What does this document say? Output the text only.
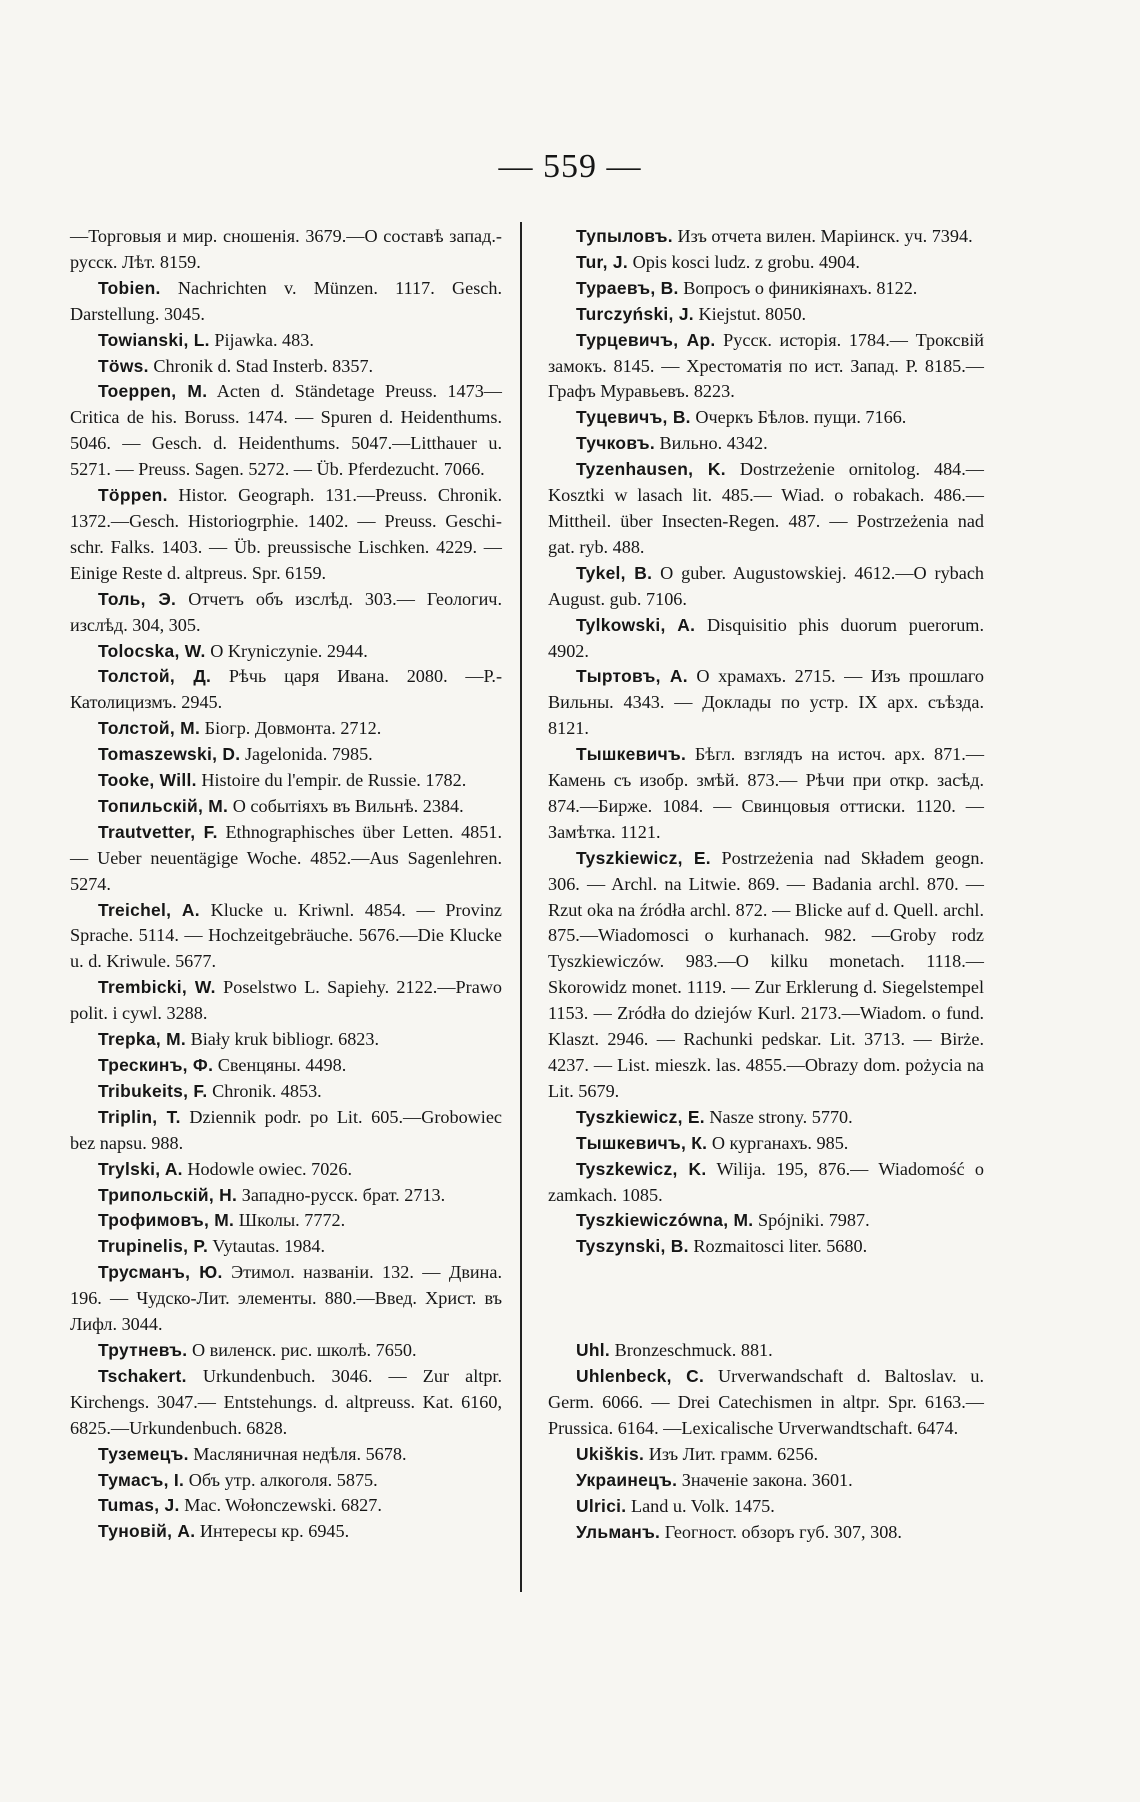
— 559 —

—Торговыя и мир. сношенія. 3679.—О составѣ запад.-русск. Лѣт. 8159.

Tobien. Nachrichten v. Münzen. 1117. Gesch. Darstellung. 3045.

Towianski, L. Pijawka. 483.

Töws. Chronik d. Stad Insterb. 8357.

Toeppen, M. Acten d. Ständetage Preuss. 1473—Critica de his. Boruss. 1474. — Spuren d. Heidenthums. 5046. — Gesch. d. Heidenthums. 5047.—Litthauer u. 5271. — Preuss. Sagen. 5272. — Üb. Pferdezucht. 7066.

Töppen. Histor. Geograph. 131.—Preuss. Chronik. 1372.—Gesch. Historiogrphie. 1402. — Preuss. Geschi-schr. Falks. 1403. — Üb. preussische Lischken. 4229. — Einige Reste d. altpreus. Spr. 6159.

Толь, Э. Отчетъ объ изслѣд. 303.— Геологич. изслѣд. 304, 305.

Tolocska, W. O Kryniczynie. 2944.

Толстой, Д. Рѣчь царя Ивана. 2080. —Р.-Католицизмъ. 2945.

Толстой, М. Біогр. Довмонта. 2712.

Tomaszewski, D. Jagelonida. 7985.

Tooke, Will. Histoire du l'empir. de Russie. 1782.

Топильскій, М. О событіяхъ въ Вильнѣ. 2384.

Trautvetter, F. Ethnographisches über Letten. 4851. — Ueber neuentägige Woche. 4852.—Aus Sagenlehren. 5274.

Treichel, A. Klucke u. Kriwnl. 4854. — Provinz Sprache. 5114. — Hochzeitgebräuche. 5676.—Die Klucke u. d. Kriwule. 5677.

Trembicki, W. Poselstwo L. Sapiehy. 2122.—Prawo polit. i cywl. 3288.

Trepka, M. Biały kruk bibliogr. 6823.

Трескинъ, Ф. Свенцяны. 4498.

Tribukeits, F. Chronik. 4853.

Triplin, T. Dziennik podr. po Lit. 605.—Grobowiec bez napsu. 988.

Trylski, A. Hodowle owiec. 7026.

Трипольскій, Н. Западно-русск. брат. 2713.

Трофимовъ, М. Школы. 7772.

Trupinelis, P. Vytautas. 1984.

Трусманъ, Ю. Этимол. названіи. 132. — Двина. 196. — Чудско-Лит. элементы. 880.—Введ. Христ. въ Лифл. 3044.

Трутневъ. О виленск. рис. школѣ. 7650.

Tschakert. Urkundenbuch. 3046. — Zur altpr. Kirchengs. 3047.— Entstehungs. d. altpreuss. Kat. 6160, 6825.—Urkundenbuch. 6828.

Туземецъ. Масляничная недѣля. 5678.

Тумасъ, І. Объ утр. алкоголя. 5875.

Tumas, J. Mac. Wołonczewski. 6827.

Туновій, А. Интересы кр. 6945.

Тупыловъ. Изъ отчета вилен. Маріинск. уч. 7394.

Tur, J. Opis kosci ludz. z grobu. 4904.

Тураевъ, В. Вопросъ о финикіянахъ. 8122.

Turczyński, J. Kiejstut. 8050.

Турцевичъ, Ар. Русск. исторія. 1784.— Троксвій замокъ. 8145. — Хрестоматія по ист. Запад. Р. 8185.—Графъ Муравьевъ. 8223.

Туцевичъ, В. Очеркъ Бѣлов. пущи. 7166.

Тучковъ. Вильно. 4342.

Tyzenhausen, K. Dostrzeżenie ornitolog. 484.—Kosztki w lasach lit. 485.— Wiad. o robakach. 486.—Mittheil. über Insecten-Regen. 487. — Postrzeżenia nad gat. ryb. 488.

Tykel, B. O guber. Augustowskiej. 4612.—O rybach August. gub. 7106.

Tylkowski, A. Disquisitio phis duorum puerorum. 4902.

Тыртовъ, А. О храмахъ. 2715. — Изъ прошлаго Вильны. 4343. — Доклады по устр. IX арх. съѣзда. 8121.

Тышкевичъ. Бѣгл. взглядъ на источ. арх. 871.—Камень съ изобр. змѣй. 873.— Рѣчи при откр. засѣд. 874.—Бирже. 1084. — Свинцовыя оттиски. 1120. — Замѣтка. 1121.

Tyszkiewicz, E. Postrzeżenia nad Składem geogn. 306. — Archl. na Litwie. 869. — Badania archl. 870. — Rzut oka na źródła archl. 872. — Blicke auf d. Quell. archl. 875.—Wiadomosci o kurhanach. 982. —Groby rodz Tyszkiewiczów. 983.—O kilku monetach. 1118.—Skorowidz monet. 1119. — Zur Erklerung d. Siegelstempel 1153. — Zródła do dziejów Kurl. 2173.—Wiadom. o fund. Klaszt. 2946. — Rachunki pedskar. Lit. 3713. — Birże. 4237. — List. mieszk. las. 4855.—Obrazy dom. pożycia na Lit. 5679.

Tyszkiewicz, E. Nasze strony. 5770.

Тышкевичъ, К. О курганахъ. 985.

Tyszkewicz, K. Wilija. 195, 876.— Wiadomość o zamkach. 1085.

Tyszkiewiczówna, M. Spójniki. 7987.

Tyszynski, B. Rozmaitosci liter. 5680.

Uhl. Bronzeschmuck. 881.

Uhlenbeck, C. Urverwandschaft d. Baltoslav. u. Germ. 6066. — Drei Catechismen in altpr. Spr. 6163.— Prussica. 6164. —Lexicalische Urverwandtschaft. 6474.

Ukiškis. Изъ Лит. грамм. 6256.

Украинецъ. Значеніе закона. 3601.

Ulrici. Land u. Volk. 1475.

Ульманъ. Геогност. обзоръ губ. 307, 308.
